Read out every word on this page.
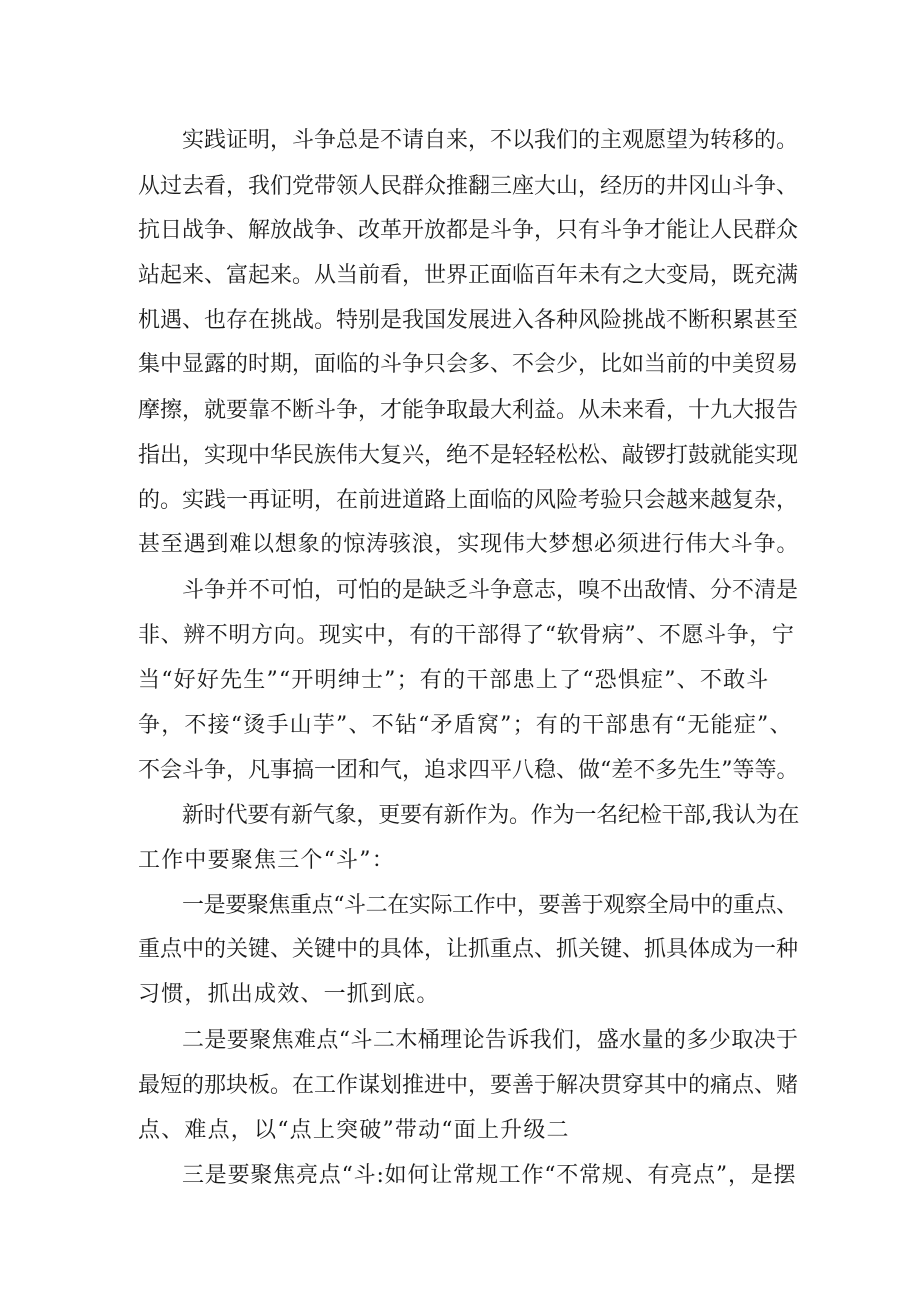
实践证明，斗争总是不请自来，不以我们的主观愿望为转移的。

从过去看，我们党带领人民群众推翻三座大山，经历的井冈山斗争、

抗日战争、解放战争、改革开放都是斗争，只有斗争才能让人民群众

站起来、富起来。从当前看，世界正面临百年未有之大变局，既充满

机遇、也存在挑战。特别是我国发展进入各种风险挑战不断积累甚至

集中显露的时期，面临的斗争只会多、不会少，比如当前的中美贸易

摩擦，就要靠不断斗争，才能争取最大利益。从未来看，十九大报告

指出，实现中华民族伟大复兴，绝不是轻轻松松、敲锣打鼓就能实现

的。实践一再证明，在前进道路上面临的风险考验只会越来越复杂，

甚至遇到难以想象的惊涛骇浪，实现伟大梦想必须进行伟大斗争。

斗争并不可怕，可怕的是缺乏斗争意志，嗅不出敌情、分不清是

非、辨不明方向。现实中，有的干部得了“软骨病”、不愿斗争，宁

当“好好先生”“开明绅士”；有的干部患上了“恐惧症”、不敢斗

争，不接“烫手山芋”、不钻“矛盾窝”；有的干部患有“无能症”、

不会斗争，凡事搞一团和气，追求四平八稳、做“差不多先生”等等。

新时代要有新气象，更要有新作为。作为一名纪检干部,我认为在

工作中要聚焦三个“斗”：

一是要聚焦重点“斗二在实际工作中，要善于观察全局中的重点、

重点中的关键、关键中的具体，让抓重点、抓关键、抓具体成为一种

习惯，抓出成效、一抓到底。

二是要聚焦难点“斗二木桶理论告诉我们，盛水量的多少取决于

最短的那块板。在工作谋划推进中，要善于解决贯穿其中的痛点、赌

点、难点，以“点上突破”带动“面上升级二

三是要聚焦亮点“斗:如何让常规工作“不常规、有亮点”，是摆
